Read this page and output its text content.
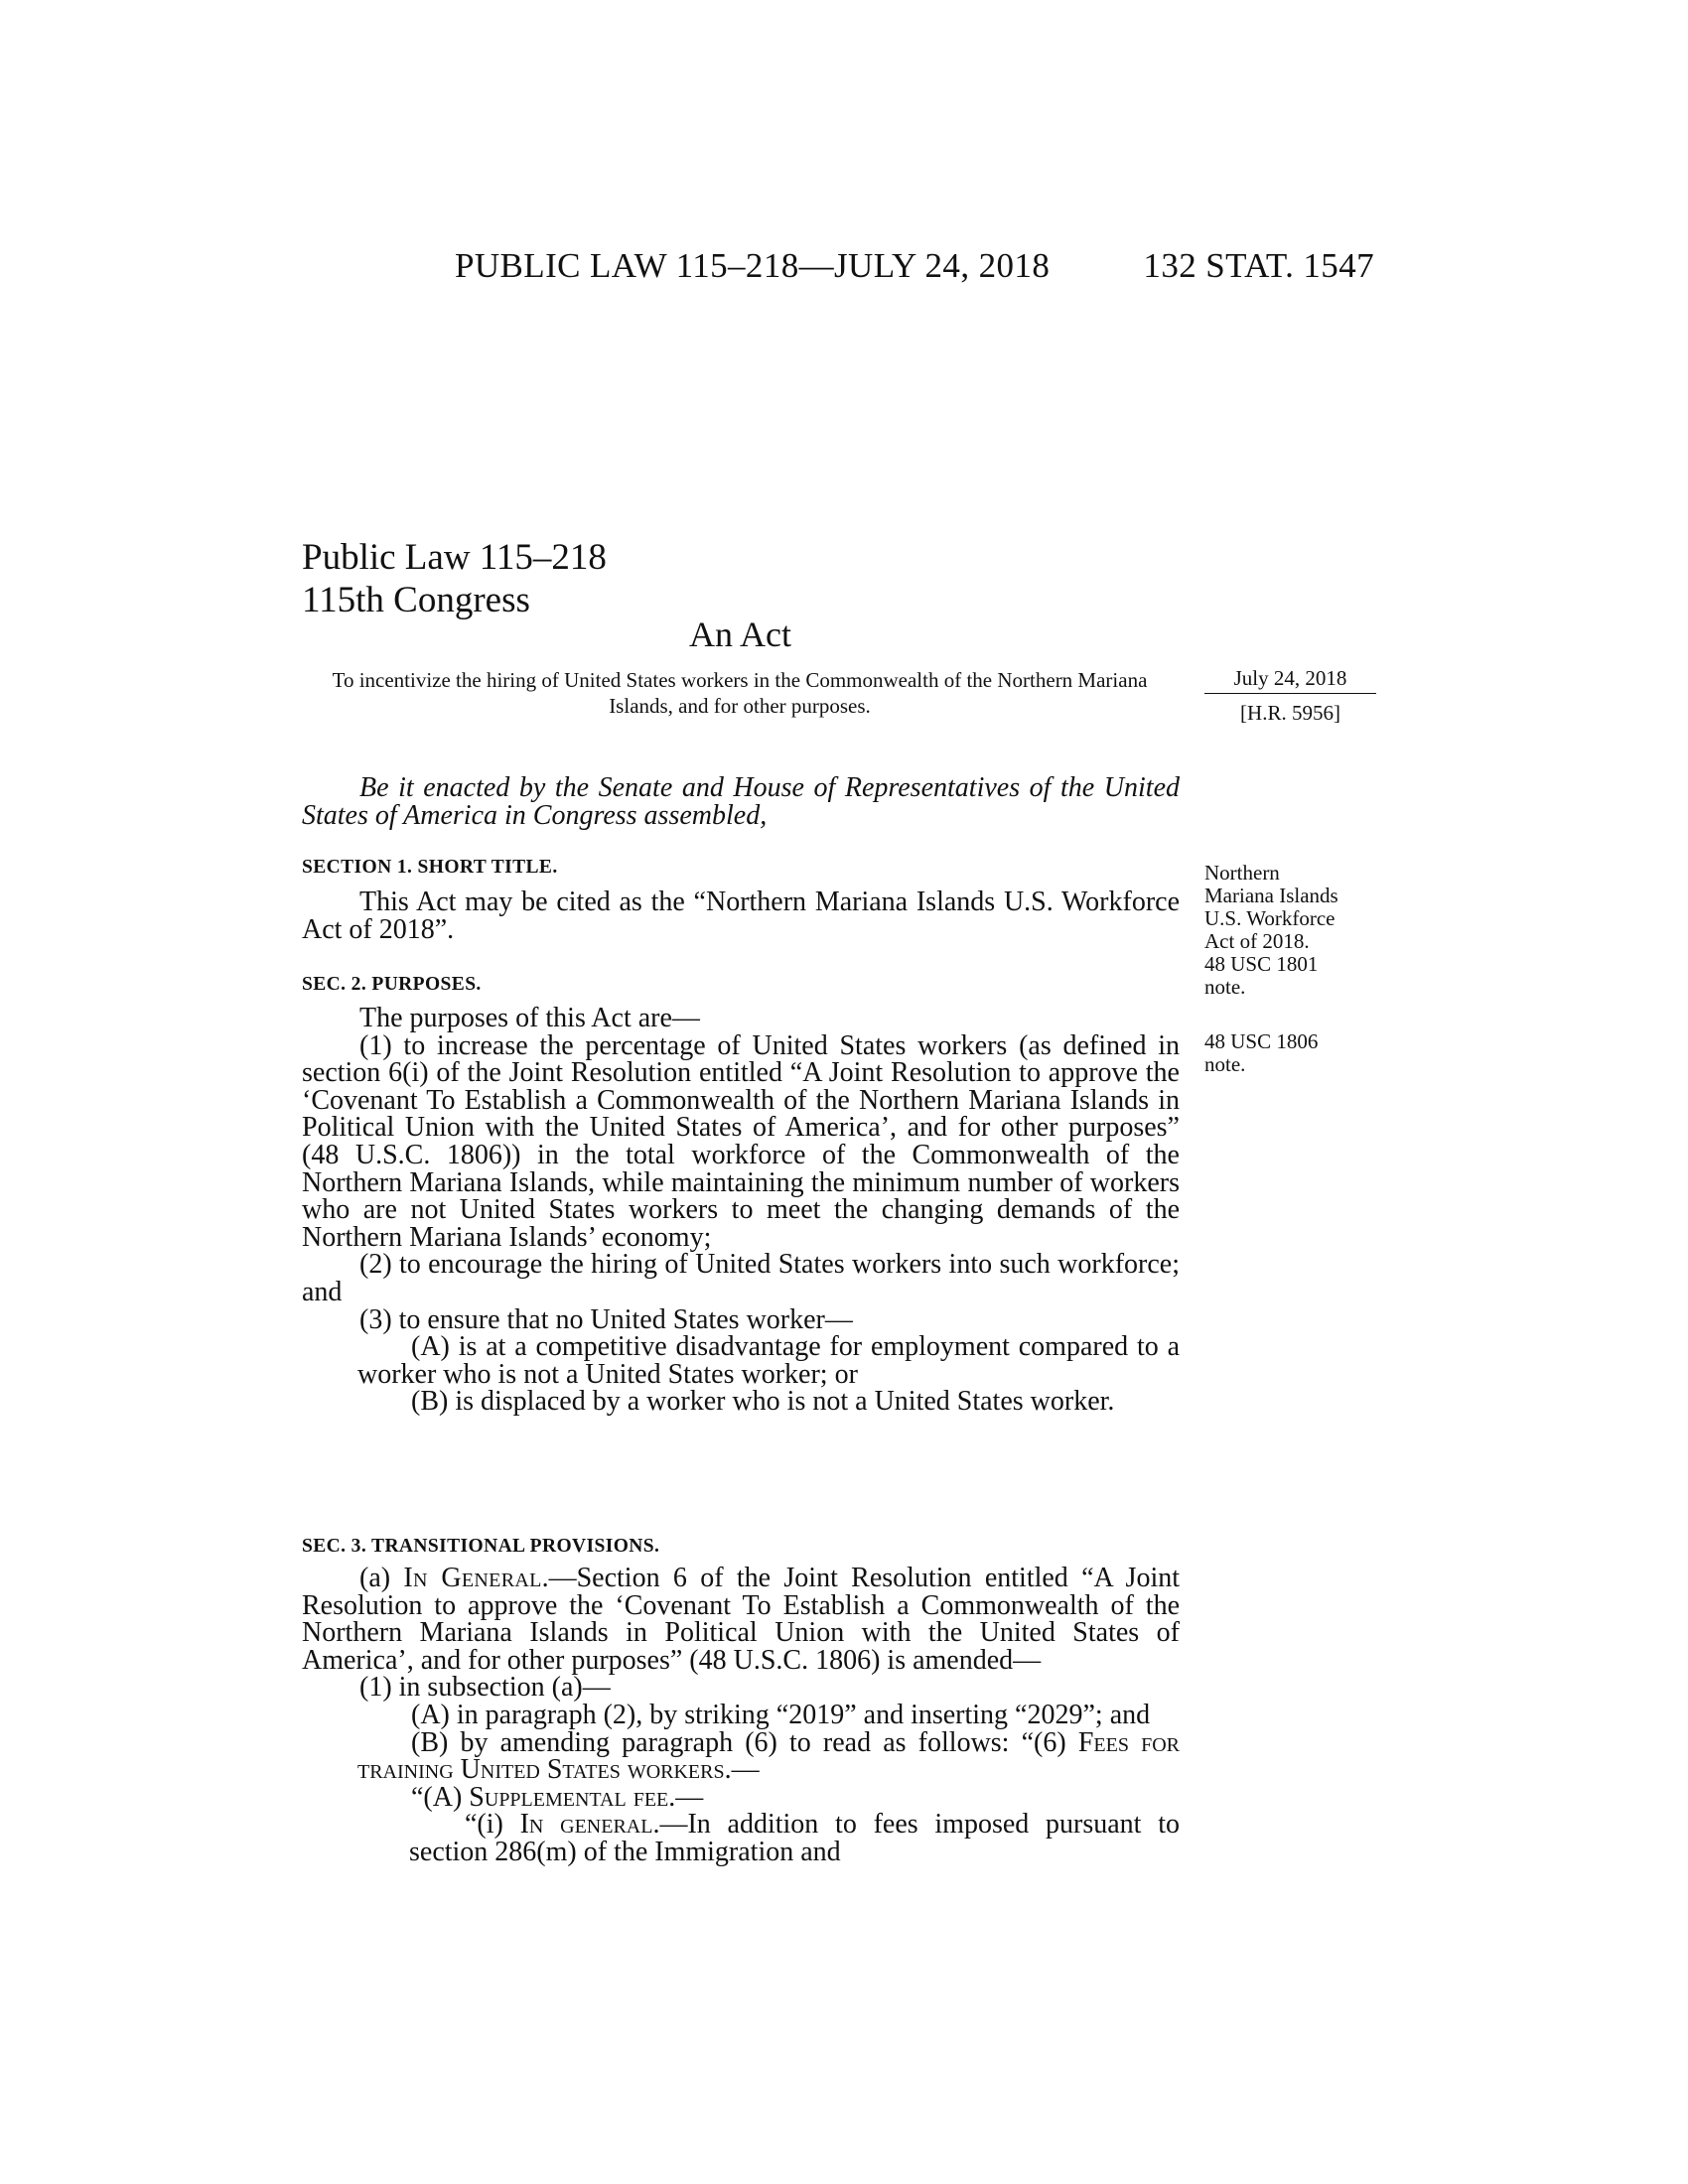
PUBLIC LAW 115–218—JULY 24, 2018	132 STAT. 1547
Public Law 115–218
115th Congress
An Act
To incentivize the hiring of United States workers in the Commonwealth of the Northern Mariana Islands, and for other purposes.
July 24, 2018
[H.R. 5956]
Northern
Mariana Islands
U.S. Workforce
Act of 2018.
48 USC 1801
note.
48 USC 1806
note.

Be it enacted by the Senate and House of Representatives of the United States of America in Congress assembled,

SECTION 1. SHORT TITLE.

This Act may be cited as the “Northern Mariana Islands U.S. Workforce Act of 2018”.

SEC. 2. PURPOSES.

The purposes of this Act are—

(1) to increase the percentage of United States workers (as defined in section 6(i) of the Joint Resolution entitled “A Joint Resolution to approve the ‘Covenant To Establish a Commonwealth of the Northern Mariana Islands in Political Union with the United States of America’, and for other purposes” (48 U.S.C. 1806)) in the total workforce of the Commonwealth of the Northern Mariana Islands, while maintaining the minimum number of workers who are not United States workers to meet the changing demands of the Northern Mariana Islands’ economy;

(2) to encourage the hiring of United States workers into such workforce; and

(3) to ensure that no United States worker—

(A) is at a competitive disadvantage for employment compared to a worker who is not a United States worker; or

(B) is displaced by a worker who is not a United States worker.

SEC. 3. TRANSITIONAL PROVISIONS.

(a) In General.—Section 6 of the Joint Resolution entitled “A Joint Resolution to approve the ‘Covenant To Establish a Commonwealth of the Northern Mariana Islands in Political Union with the United States of America’, and for other purposes” (48 U.S.C. 1806) is amended—

(1) in subsection (a)—

(A) in paragraph (2), by striking “2019” and inserting “2029”; and

(B) by amending paragraph (6) to read as follows: “(6) Fees for training United States workers.—

“(A) Supplemental fee.—

“(i) In general.—In addition to fees imposed pursuant to section 286(m) of the Immigration and
